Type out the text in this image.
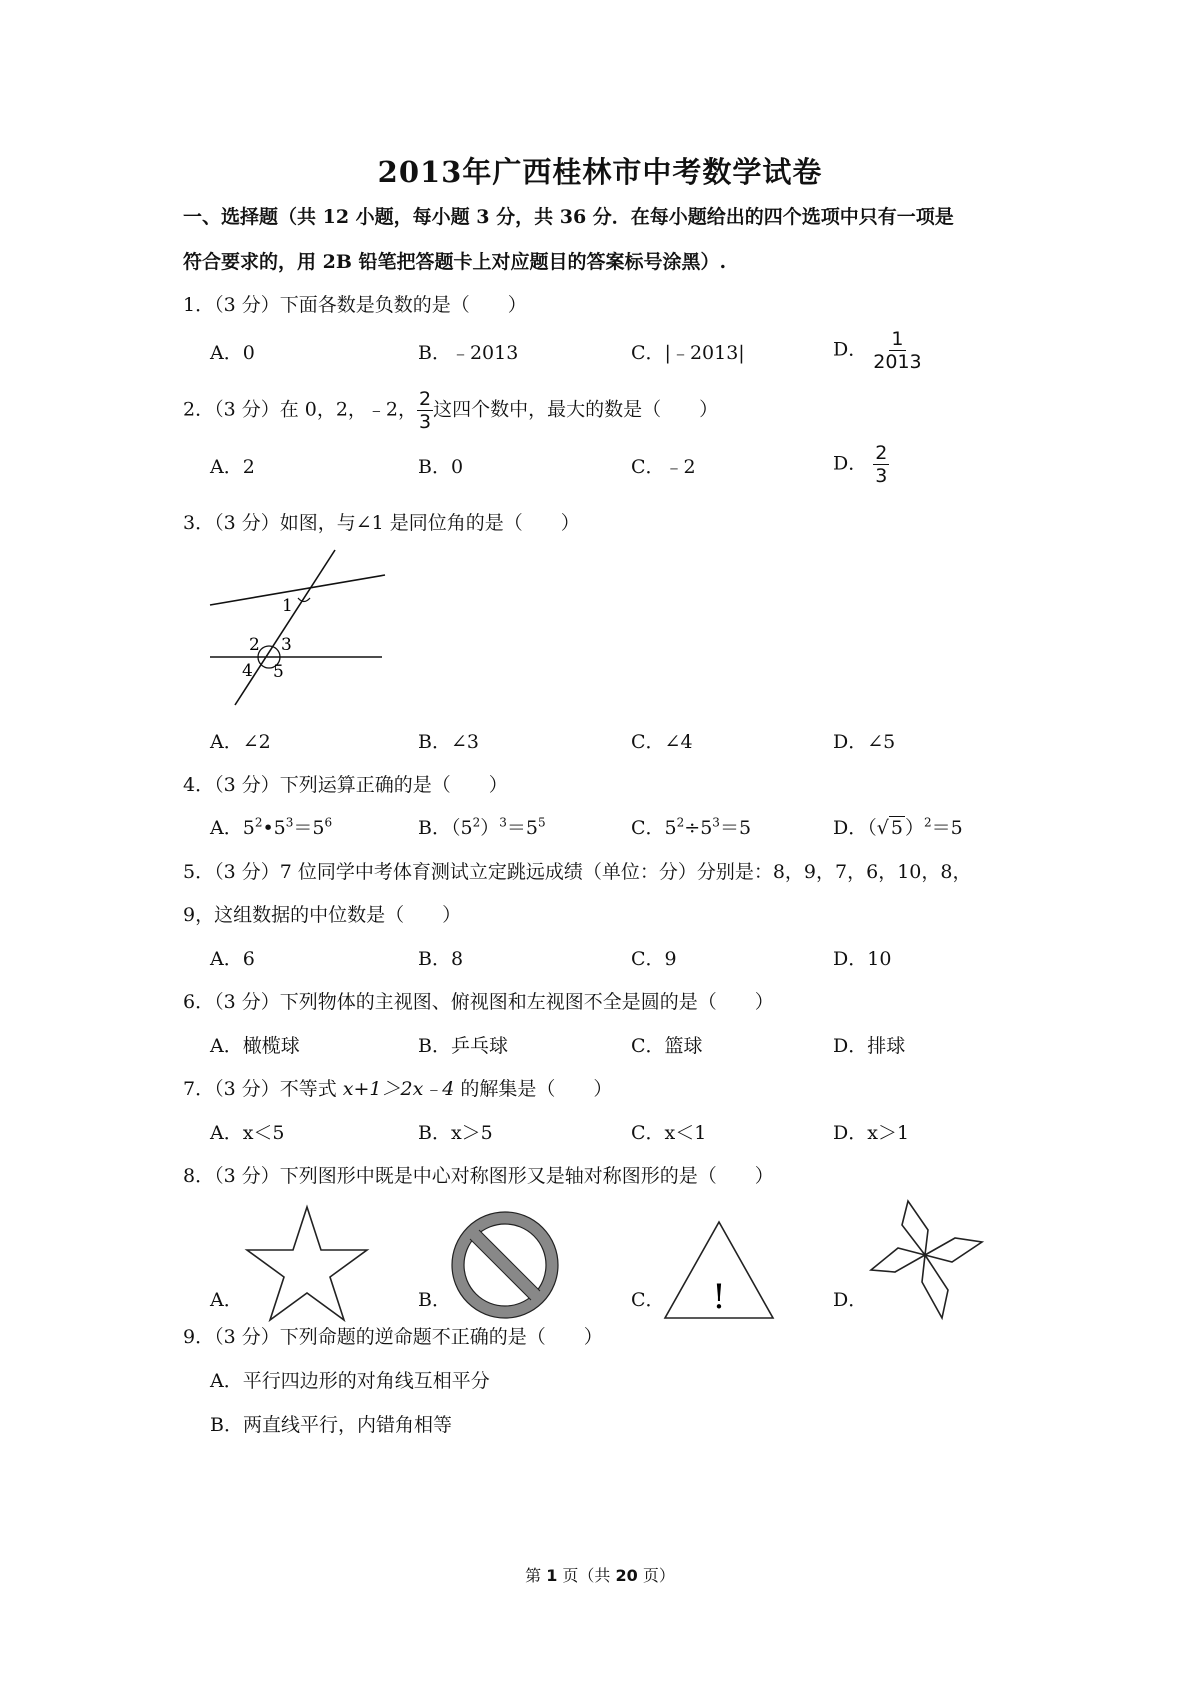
2013年广西桂林市中考数学试卷
一、选择题（共 12 小题，每小题 3 分，共 36 分．在每小题给出的四个选项中只有一项是
符合要求的，用 2B 铅笔把答题卡上对应题目的答案标号涂黑）.
1．（3 分）下面各数是负数的是（　　）
A．0	B．﹣2013	C．|﹣2013|	D． $\frac{1}{2013}$
2．（3 分）在 0，2，﹣2， $\frac{2}{3}$ 这四个数中，最大的数是（　　）
A．2	B．0	C．﹣2	D． $\frac{2}{3}$
3．（3 分）如图，与∠1 是同位角的是（　　）
1
2 3
4 5
A．∠2	B．∠3	C．∠4	D．∠5
4．（3 分）下列运算正确的是（　　）
A．$5^2•5^3=5^6$	B．$(5^2)^3=5^5$	C．$5^2\div 5^3=5$	D．（√ 5 ）$^2$＝5
5．（3 分）7 位同学中考体育测试立定跳远成绩（单位：分）分别是：8，9，7，6，10，8，
9，这组数据的中位数是（　　）
A．6	B．8	C．9	D．10
6．（3 分）下列物体的主视图、俯视图和左视图不全是圆的是（　　）
A．橄榄球	B．乒乓球	C．篮球	D．排球
7．（3 分）不等式 x+1＞2x﹣4 的解集是（　　）
A．x＜5	B．x＞5	C．x＜1	D．x＞1
8．（3 分）下列图形中既是中心对称图形又是轴对称图形的是（　　）
!
A．	B．	C．	D．
9．（3 分）下列命题的逆命题不正确的是（　　）
A．平行四边形的对角线互相平分
B．两直线平行，内错角相等
第 1 页（共 20 页）
